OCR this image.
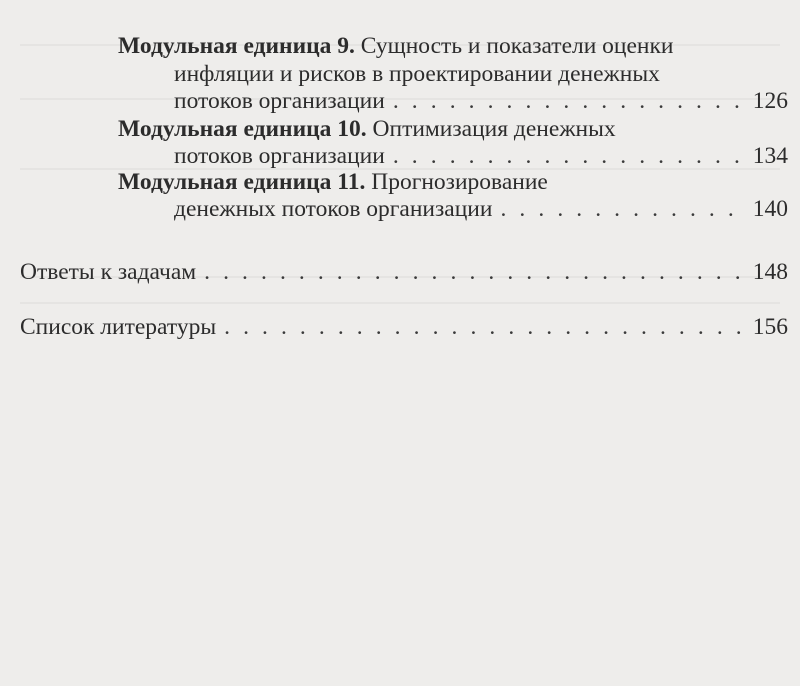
Модульная единица 9.
Сущность и показатели оценки
инфляции и рисков в проектировании денежных
потоков организации . . .	126
Модульная единица 10.
Оптимизация денежных
потоков организации . . .	134
Модульная единица 11.
Прогнозирование
денежных потоков организации . . .	140
Ответы к задачам . . .	148
Список литературы . . .	156
